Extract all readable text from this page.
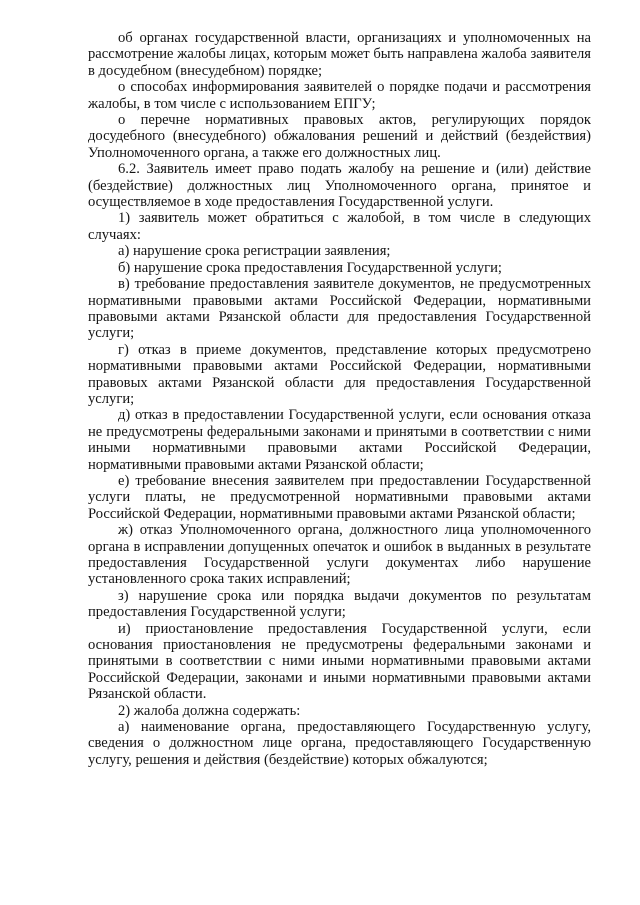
об органах государственной власти, организациях и уполномоченных на рассмотрение жалобы лицах, которым может быть направлена жалоба заявителя в досудебном (внесудебном) порядке;

о способах информирования заявителей о порядке подачи и рассмотрения жалобы, в том числе с использованием ЕПГУ;

о перечне нормативных правовых актов, регулирующих порядок досудебного (внесудебного) обжалования решений и действий (бездействия) Уполномоченного органа, а также его должностных лиц.

6.2. Заявитель имеет право подать жалобу на решение и (или) действие (бездействие) должностных лиц Уполномоченного органа, принятое и осуществляемое в ходе предоставления Государственной услуги.

1) заявитель может обратиться с жалобой, в том числе в следующих случаях:

а) нарушение срока регистрации заявления;

б) нарушение срока предоставления Государственной услуги;

в) требование предоставления заявителе документов, не предусмотренных нормативными правовыми актами Российской Федерации, нормативными правовыми актами Рязанской области для предоставления Государственной услуги;

г) отказ в приеме документов, представление которых предусмотрено нормативными правовыми актами Российской Федерации, нормативными правовых актами Рязанской области для предоставления Государственной услуги;

д) отказ в предоставлении Государственной услуги, если основания отказа не предусмотрены федеральными законами и принятыми в соответствии с ними иными нормативными правовыми актами Российской Федерации, нормативными правовыми актами Рязанской области;

е) требование внесения заявителем при предоставлении Государственной услуги платы, не предусмотренной нормативными правовыми актами Российской Федерации, нормативными правовыми актами Рязанской области;

ж) отказ Уполномоченного органа, должностного лица уполномоченного органа в исправлении допущенных опечаток и ошибок в выданных в результате предоставления Государственной услуги документах либо нарушение установленного срока таких исправлений;

з) нарушение срока или порядка выдачи документов по результатам предоставления Государственной услуги;

и) приостановление предоставления Государственной услуги, если основания приостановления не предусмотрены федеральными законами и принятыми в соответствии с ними иными нормативными правовыми актами Российской Федерации, законами и иными нормативными правовыми актами Рязанской области.

2) жалоба должна содержать:

а) наименование органа, предоставляющего Государственную услугу, сведения о должностном лице органа, предоставляющего Государственную услугу, решения и действия (бездействие) которых обжалуются;
